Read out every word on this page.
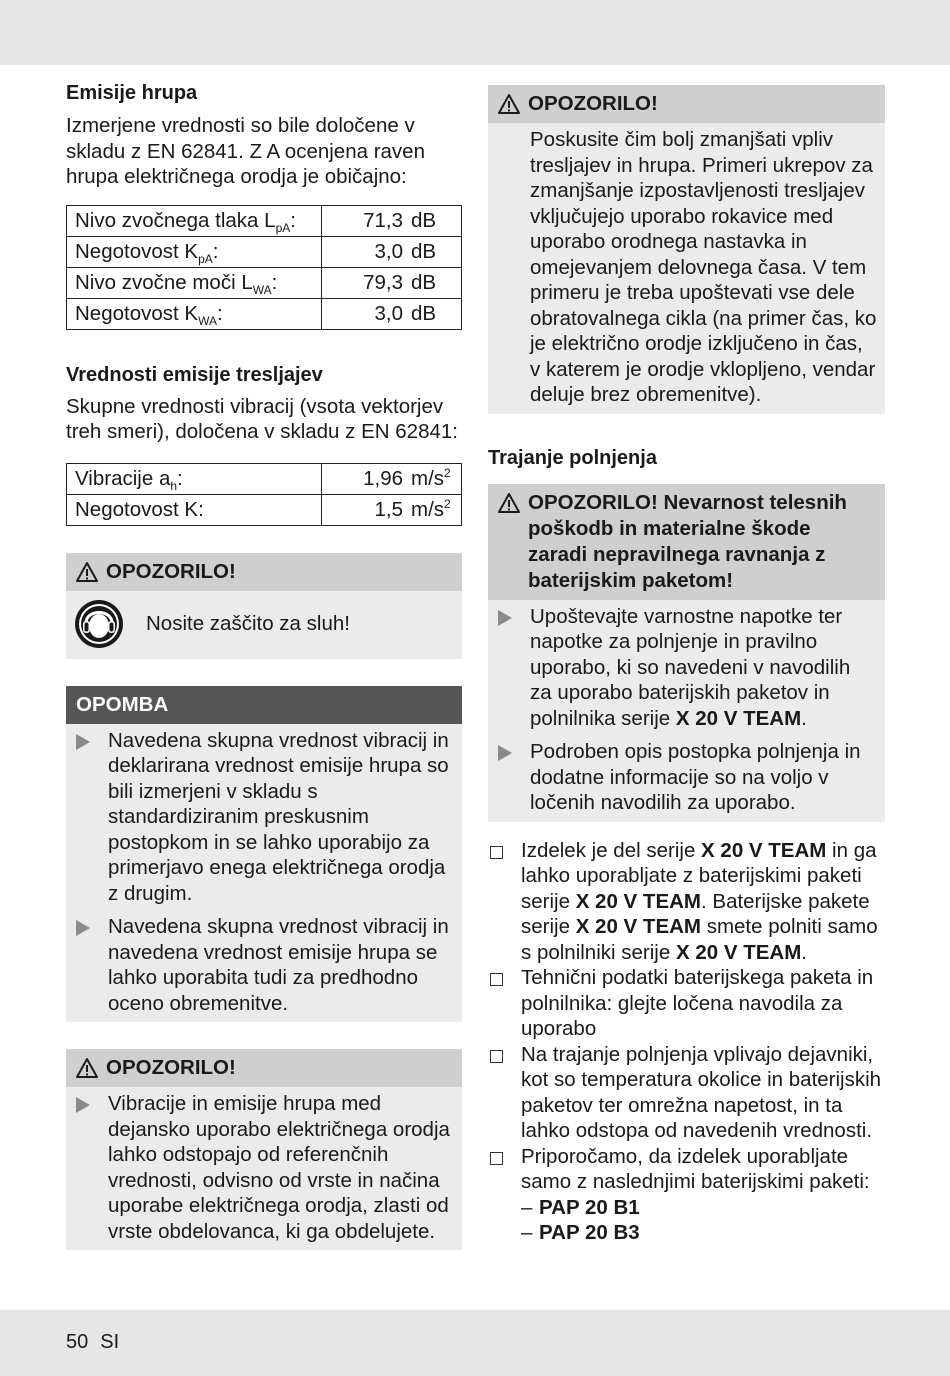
Emisije hrupa

Izmerjene vrednosti so bile določene v skladu z EN 62841. Z A ocenjena raven hrupa električnega orodja je običajno:

Nivo zvočnega tlaka $L_{pA}$:	71,3 dB
Negotovost $K_{pA}$:	3,0 dB
Nivo zvočne moči $L_{WA}$:	79,3 dB
Negotovost $K_{WA}$:	3,0 dB
Vrednosti emisije tresljajev

Skupne vrednosti vibracij (vsota vektorjev treh smeri), določena v skladu z EN 62841:

Vibracije $a_h$:	1,96 $m/s^2$
Negotovost K:	1,5 $m/s^2$
OPOZORILO!
Nosite zaščito za sluh!
OPOMBA
Navedena skupna vrednost vibracij in deklarirana vrednost emisije hrupa so bili izmerjeni v skladu s standardiziranim preskusnim postopkom in se lahko uporabijo za primerjavo enega električnega orodja z drugim.
Navedena skupna vrednost vibracij in navedena vrednost emisije hrupa se lahko uporabita tudi za predhodno oceno obremenitve.
OPOZORILO!
Vibracije in emisije hrupa med dejansko uporabo električnega orodja lahko odstopajo od referenčnih vrednosti, odvisno od vrste in načina uporabe električnega orodja, zlasti od vrste obdelovanca, ki ga obdelujete.
OPOZORILO!

Poskusite čim bolj zmanjšati vpliv tresljajev in hrupa. Primeri ukrepov za zmanjšanje izpostavljenosti tresljajev vključujejo uporabo rokavice med uporabo orodnega nastavka in omejevanjem delovnega časa. V tem primeru je treba upoštevati vse dele obratovalnega cikla (na primer čas, ko je električno orodje izključeno in čas, v katerem je orodje vklopljeno, vendar deluje brez obremenitve).

Trajanje polnjenja
OPOZORILO! Nevarnost telesnih poškodb in materialne škode zaradi nepravilnega ravnanja z baterijskim paketom!
Upoštevajte varnostne napotke ter napotke za polnjenje in pravilno uporabo, ki so navedeni v navodilih za uporabo baterijskih paketov in polnilnika serije X 20 V TEAM.
Podroben opis postopka polnjenja in dodatne informacije so na voljo v ločenih navodilih za uporabo.
Izdelek je del serije X 20 V TEAM in ga lahko uporabljate z baterijskimi paketi serije X 20 V TEAM. Baterijske pakete serije X 20 V TEAM smete polniti samo s polnilniki serije X 20 V TEAM.
Tehnični podatki baterijskega paketa in polnilnika: glejte ločena navodila za uporabo
Na trajanje polnjenja vplivajo dejavniki, kot so temperatura okolice in baterijskih paketov ter omrežna napetost, in ta lahko odstopa od navedenih vrednosti.
Priporočamo, da izdelek uporabljate samo z naslednjimi baterijskimi paketi:
– PAP 20 B1
– PAP 20 B3
50 SI
